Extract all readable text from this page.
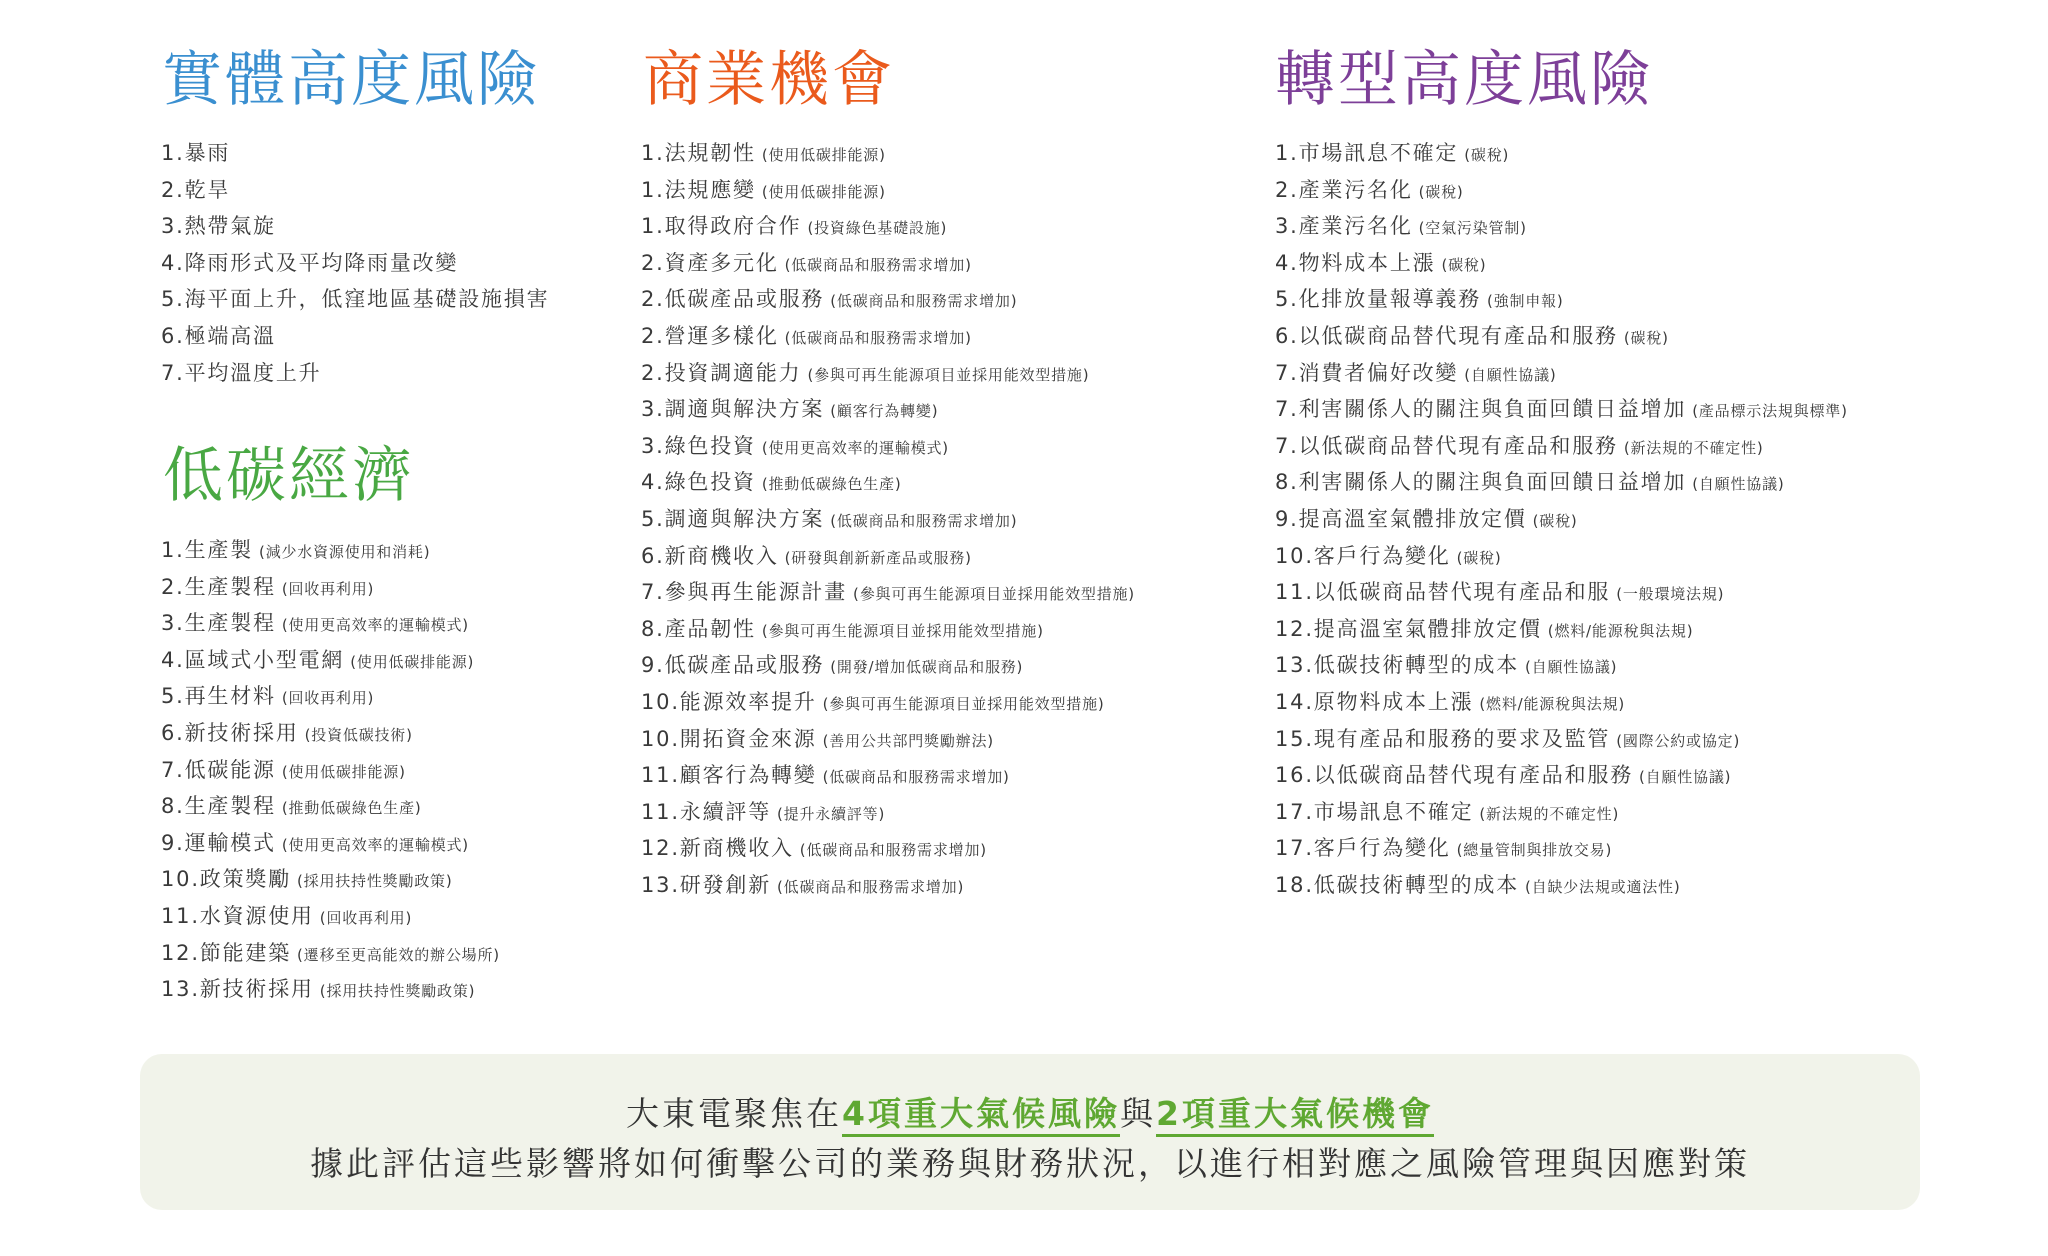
實體高度風險 商業機會	轉型高度風險
低碳經濟
1.暴雨
2.乾旱
3.熱帶氣旋
4.降雨形式及平均降雨量改變
5.海平面上升，低窪地區基礎設施損害
6.極端高溫
7.平均溫度上升
1.生產製 (減少水資源使用和消耗)
2.生產製程 (回收再利用)
3.生產製程 (使用更高效率的運輸模式)
4.區域式小型電網 (使用低碳排能源)
5.再生材料 (回收再利用)
6.新技術採用 (投資低碳技術)
7.低碳能源 (使用低碳排能源)
8.生產製程 (推動低碳綠色生產)
9.運輸模式 (使用更高效率的運輸模式)
10.政策獎勵 (採用扶持性獎勵政策)
11.水資源使用 (回收再利用)
12.節能建築 (遷移至更高能效的辦公場所)
13.新技術採用 (採用扶持性獎勵政策)
1.法規韌性 (使用低碳排能源)
1.法規應變 (使用低碳排能源)
1.取得政府合作 (投資綠色基礎設施)
2.資產多元化 (低碳商品和服務需求增加)
2.低碳產品或服務 (低碳商品和服務需求增加)
2.營運多樣化 (低碳商品和服務需求增加)
2.投資調適能力 (參與可再生能源項目並採用能效型措施)
3.調適與解決方案 (顧客行為轉變)
3.綠色投資 (使用更高效率的運輸模式)
4.綠色投資 (推動低碳綠色生產)
5.調適與解決方案 (低碳商品和服務需求增加)
6.新商機收入 (研發與創新新產品或服務)
7.參與再生能源計畫 (參與可再生能源項目並採用能效型措施)
8.產品韌性 (參與可再生能源項目並採用能效型措施)
9.低碳產品或服務 (開發/增加低碳商品和服務)
10.能源效率提升 (參與可再生能源項目並採用能效型措施)
10.開拓資金來源 (善用公共部門獎勵辦法)
11.顧客行為轉變 (低碳商品和服務需求增加)
11.永續評等 (提升永續評等)
12.新商機收入 (低碳商品和服務需求增加)
13.研發創新 (低碳商品和服務需求增加)
1.市場訊息不確定 (碳稅)
2.產業污名化 (碳稅)
3.產業污名化 (空氣污染管制)
4.物料成本上漲 (碳稅)
5.化排放量報導義務 (強制申報)
6.以低碳商品替代現有產品和服務 (碳稅)
7.消費者偏好改變 (自願性協議)
7.利害關係人的關注與負面回饋日益增加 (產品標示法規與標準)
7.以低碳商品替代現有產品和服務 (新法規的不確定性)
8.利害關係人的關注與負面回饋日益增加 (自願性協議)
9.提高溫室氣體排放定價 (碳稅)
10.客戶行為變化 (碳稅)
11.以低碳商品替代現有產品和服 (一般環境法規)
12.提高溫室氣體排放定價 (燃料/能源稅與法規)
13.低碳技術轉型的成本 (自願性協議)
14.原物料成本上漲 (燃料/能源稅與法規)
15.現有產品和服務的要求及監管 (國際公約或協定)
16.以低碳商品替代現有產品和服務 (自願性協議)
17.市場訊息不確定 (新法規的不確定性)
17.客戶行為變化 (總量管制與排放交易)
18.低碳技術轉型的成本 (自缺少法規或適法性)
大東電聚焦在4項重大氣候風險與2項重大氣候機會
據此評估這些影響將如何衝擊公司的業務與財務狀況，以進行相對應之風險管理與因應對策
